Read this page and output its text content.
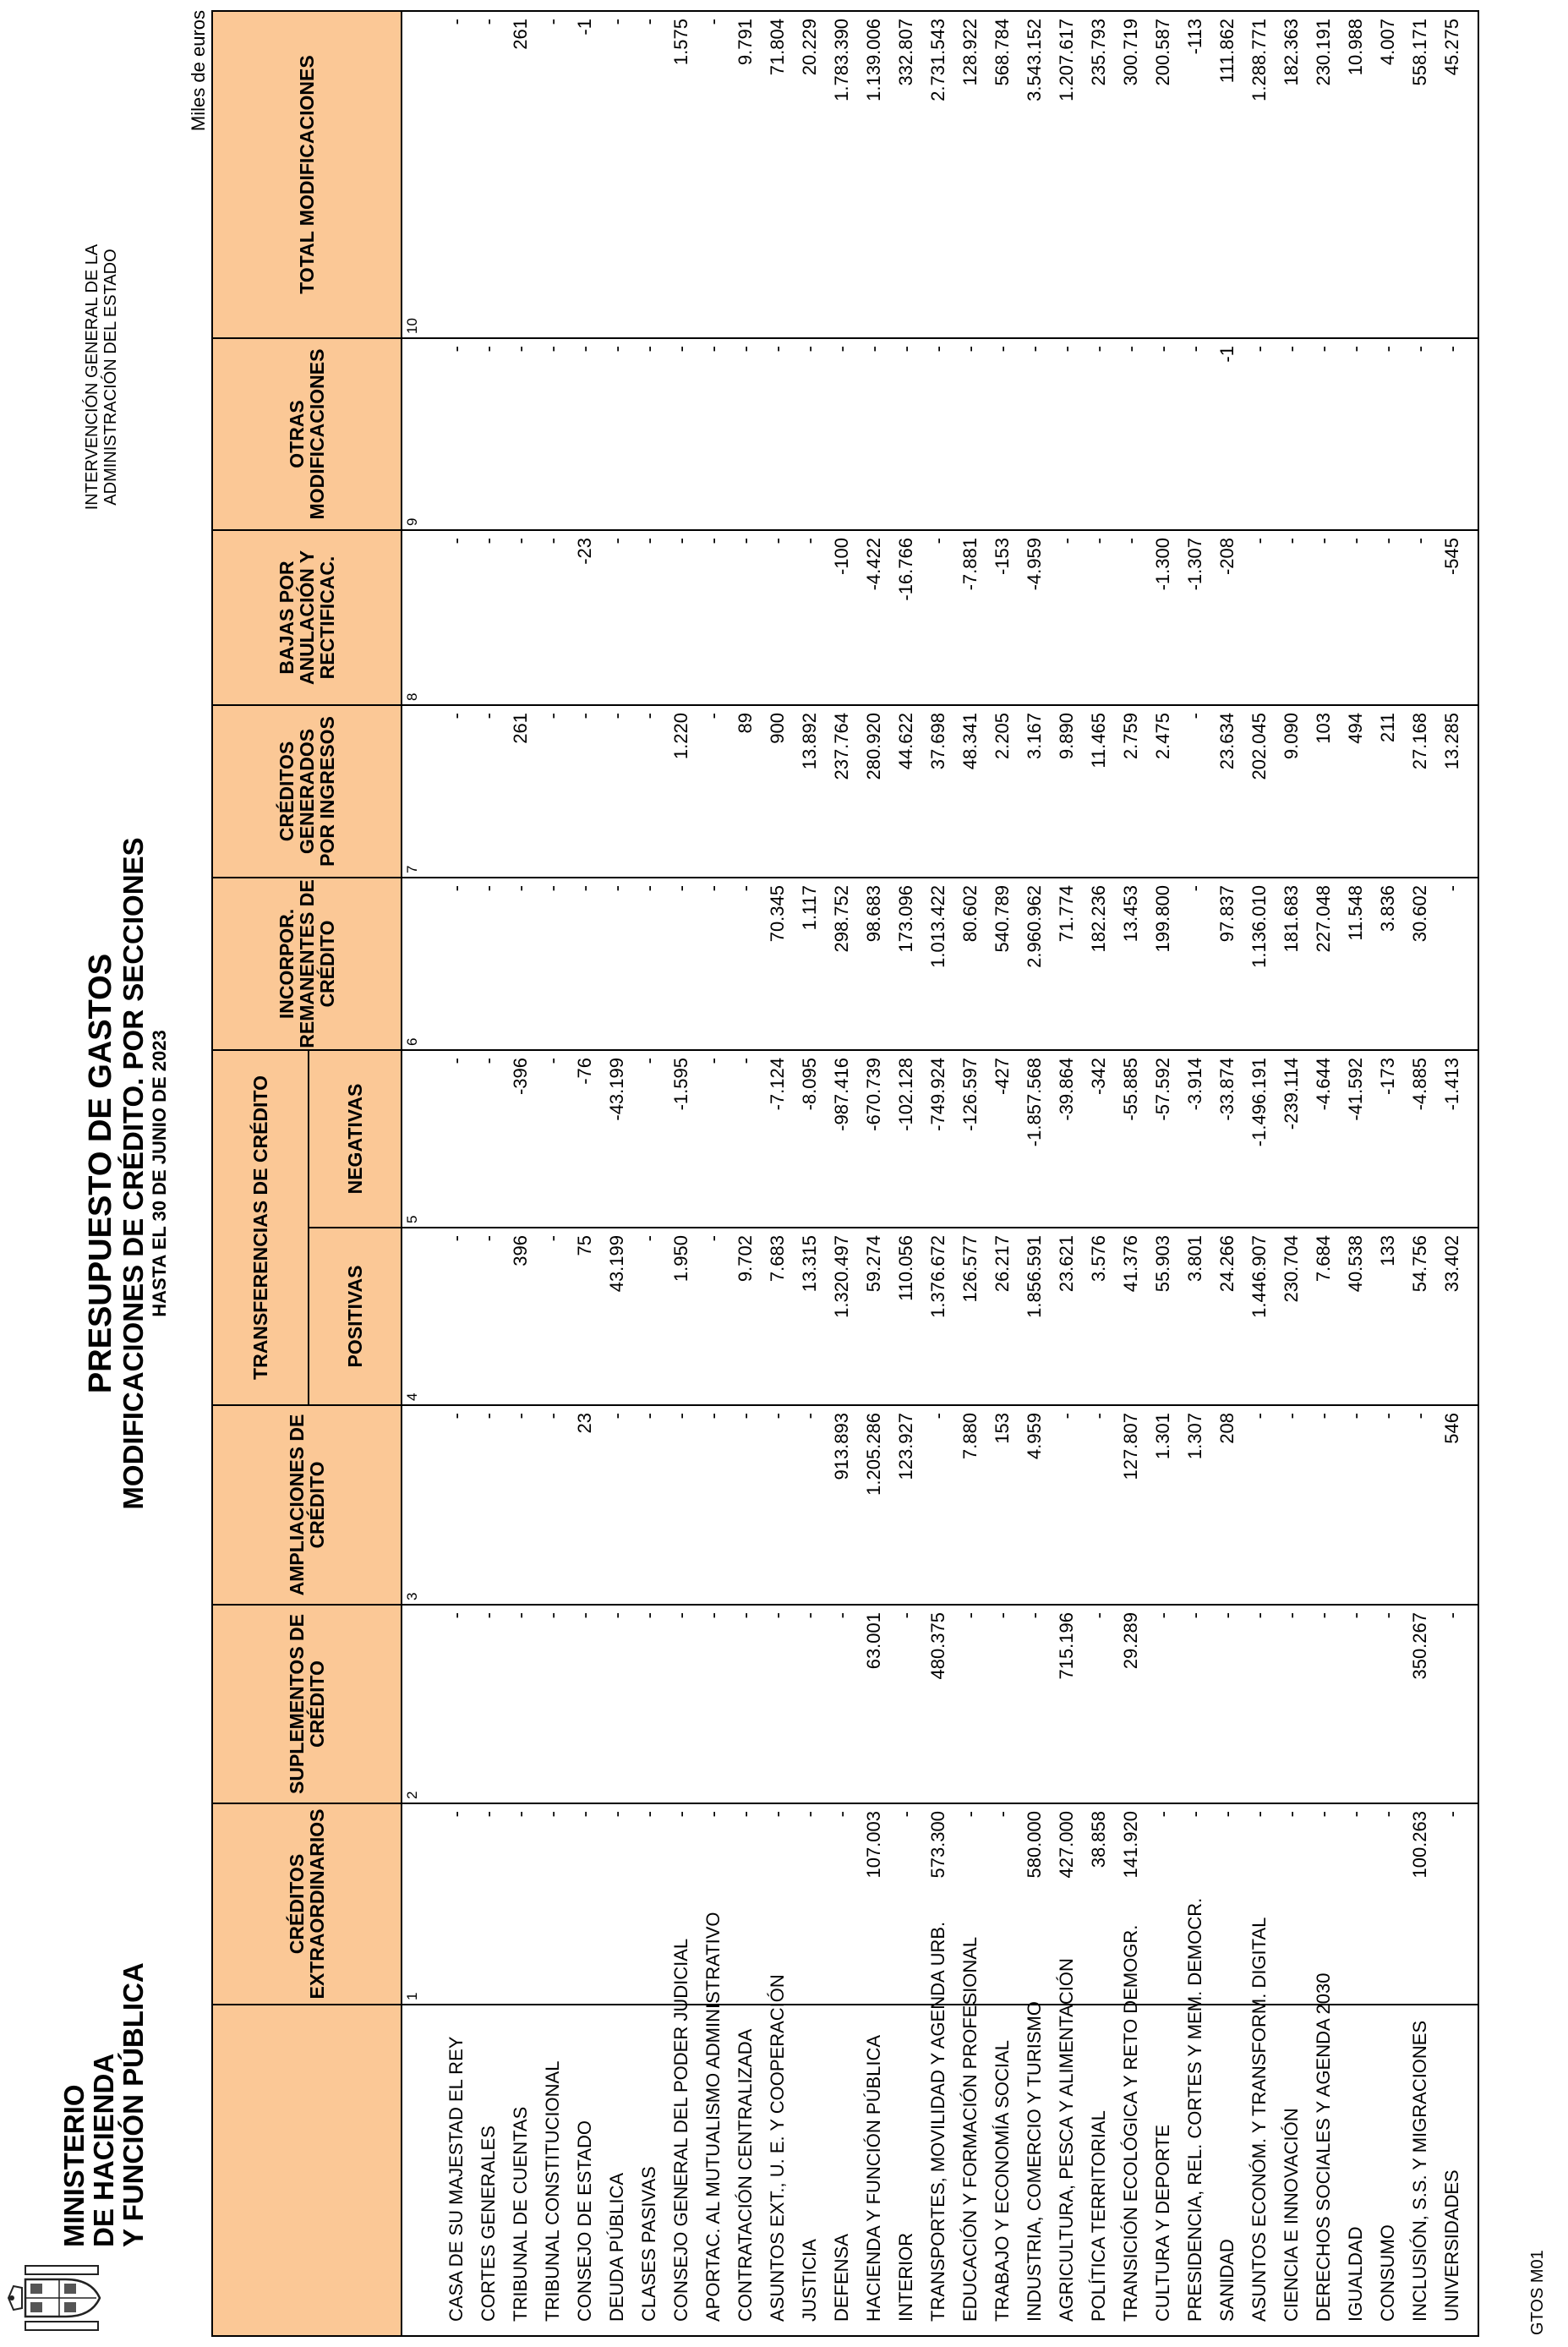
MINISTERIO
DE HACIENDA
Y FUNCIÓN PÚBLICA
PRESUPUESTO DE GASTOS MODIFICACIONES DE CRÉDITO. POR SECCIONES HASTA EL 30 DE JUNIO DE 2023
INTERVENCIÓN GENERAL DE LA ADMINISTRACIÓN DEL ESTADO
Miles de euros
CRÉDITOS EXTRAORDINARIOS
SUPLEMENTOS DE CRÉDITO
AMPLIACIONES DE CRÉDITO
TRANSFERENCIAS DE CRÉDITO	POSITIVAS
NEGATIVAS
INCORPOR. REMANENTES DE CRÉDITO
CRÉDITOS GENERADOS POR INGRESOS
BAJAS POR ANULACIÓN Y RECTIFICAC.
OTRAS MODIFICACIONES
TOTAL MODIFICACIONES
1
2
3
4
5
6
7
8
9
10
CASA DE SU MAJESTAD EL REY
-
-
-
-
-
-
-
-
-
-
CORTES GENERALES
-
-
-
-
-
-
-
-
-
-
TRIBUNAL DE CUENTAS
-
-
-
396
-396
-
261
-
-
261
TRIBUNAL CONSTITUCIONAL
-
-
-
-
-
-
-
-
-
-
CONSEJO DE ESTADO
-
-
23
75
-76
-
-
-23
-
-1
DEUDA PÚBLICA
-
-
-
43.199
-43.199
-
-
-
-
-
CLASES PASIVAS
-
-
-
-
-
-
-
-
-
-
CONSEJO GENERAL DEL PODER JUDICIAL
-
-
-
1.950
-1.595
-
1.220
-
-
1.575
APORTAC. AL MUTUALISMO ADMINISTRATIVO
-
-
-
-
-
-
-
-
-
-
CONTRATACIÓN CENTRALIZADA
-
-
-
9.702
-
-
89
-
-
9.791
ASUNTOS EXT., U. E. Y COOPERACIÓN
-
-
-
7.683
-7.124
70.345
900
-
-
71.804
JUSTICIA
-
-
-
13.315
-8.095
1.117
13.892
-
-
20.229
DEFENSA
-
-
913.893
1.320.497
-987.416
298.752
237.764
-100
-
1.783.390
HACIENDA Y FUNCIÓN PÚBLICA
107.003
63.001
1.205.286
59.274
-670.739
98.683
280.920
-4.422
-
1.139.006
INTERIOR
-
-
123.927
110.056
-102.128
173.096
44.622
-16.766
-
332.807
TRANSPORTES, MOVILIDAD Y AGENDA URB.
573.300
480.375
-
1.376.672
-749.924
1.013.422
37.698
-
-
2.731.543
EDUCACIÓN Y FORMACIÓN PROFESIONAL
-
-
7.880
126.577
-126.597
80.602
48.341
-7.881
-
128.922
TRABAJO Y ECONOMÍA SOCIAL
-
-
153
26.217
-427
540.789
2.205
-153
-
568.784
INDUSTRIA, COMERCIO Y TURISMO
580.000
-
4.959
1.856.591
-1.857.568
2.960.962
3.167
-4.959
-
3.543.152
AGRICULTURA, PESCA Y ALIMENTACIÓN
427.000
715.196
-
23.621
-39.864
71.774
9.890
-
-
1.207.617
POLÍTICA TERRITORIAL
38.858
-
-
3.576
-342
182.236
11.465
-
-
235.793
TRANSICIÓN ECOLÓGICA Y RETO DEMOGR.
141.920
29.289
127.807
41.376
-55.885
13.453
2.759
-
-
300.719
CULTURA Y DEPORTE
-
-
1.301
55.903
-57.592
199.800
2.475
-1.300
-
200.587
PRESIDENCIA, REL. CORTES Y MEM. DEMOCR.
-
-
1.307
3.801
-3.914
-
-
-1.307
-
-113
SANIDAD
-
-
208
24.266
-33.874
97.837
23.634
-208
-1
111.862
ASUNTOS ECONÓM. Y TRANSFORM. DIGITAL
-
-
-
1.446.907
-1.496.191
1.136.010
202.045
-
-
1.288.771
CIENCIA E INNOVACIÓN
-
-
-
230.704
-239.114
181.683
9.090
-
-
182.363
DERECHOS SOCIALES Y AGENDA 2030
-
-
-
7.684
-4.644
227.048
103
-
-
230.191
IGUALDAD
-
-
-
40.538
-41.592
11.548
494
-
-
10.988
CONSUMO
-
-
-
133
-173
3.836
211
-
-
4.007
INCLUSIÓN, S.S. Y MIGRACIONES
100.263
350.267
-
54.756
-4.885
30.602
27.168
-
-
558.171
UNIVERSIDADES
-
-
546
33.402
-1.413
-
13.285
-545
-
45.275
GTOS M01
